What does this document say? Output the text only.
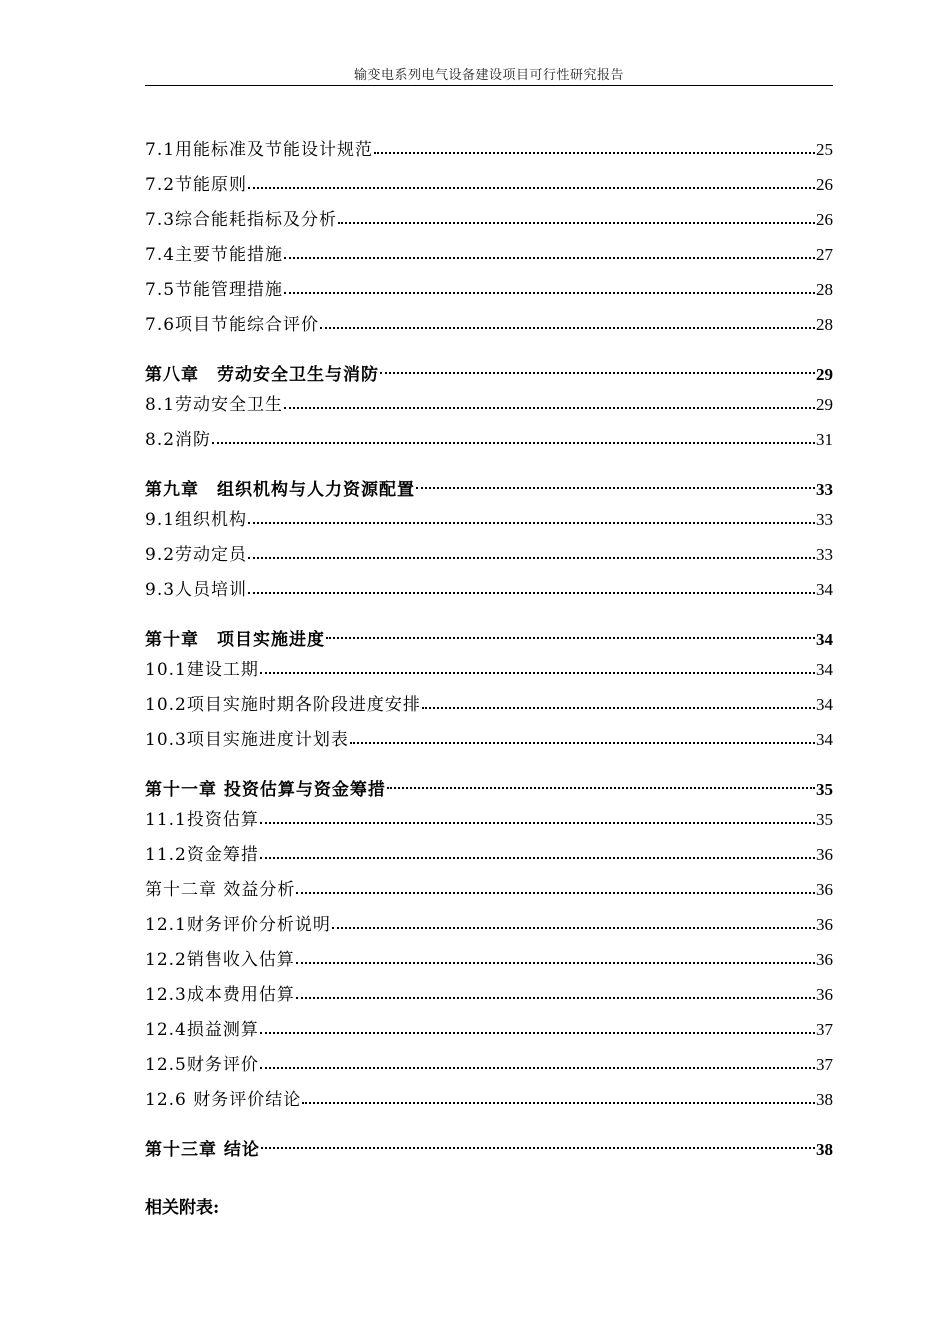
输变电系列电气设备建设项目可行性研究报告
7.1用能标准及节能设计规范	25
7.2节能原则	26
7.3综合能耗指标及分析	26
7.4主要节能措施	27
7.5节能管理措施	28
7.6项目节能综合评价	28
第八章　劳动安全卫生与消防	29
8.1劳动安全卫生	29
8.2消防	31
第九章　组织机构与人力资源配置	33
9.1组织机构	33
9.2劳动定员	33
9.3人员培训	34
第十章　项目实施进度	34
10.1建设工期	34
10.2项目实施时期各阶段进度安排	34
10.3项目实施进度计划表	34
第十一章 投资估算与资金筹措	35
11.1投资估算	35
11.2资金筹措	36
第十二章 效益分析	36
12.1财务评价分析说明	36
12.2销售收入估算	36
12.3成本费用估算	36
12.4损益测算	37
12.5财务评价	37
12.6 财务评价结论	38
第十三章 结论	38
相关附表:
